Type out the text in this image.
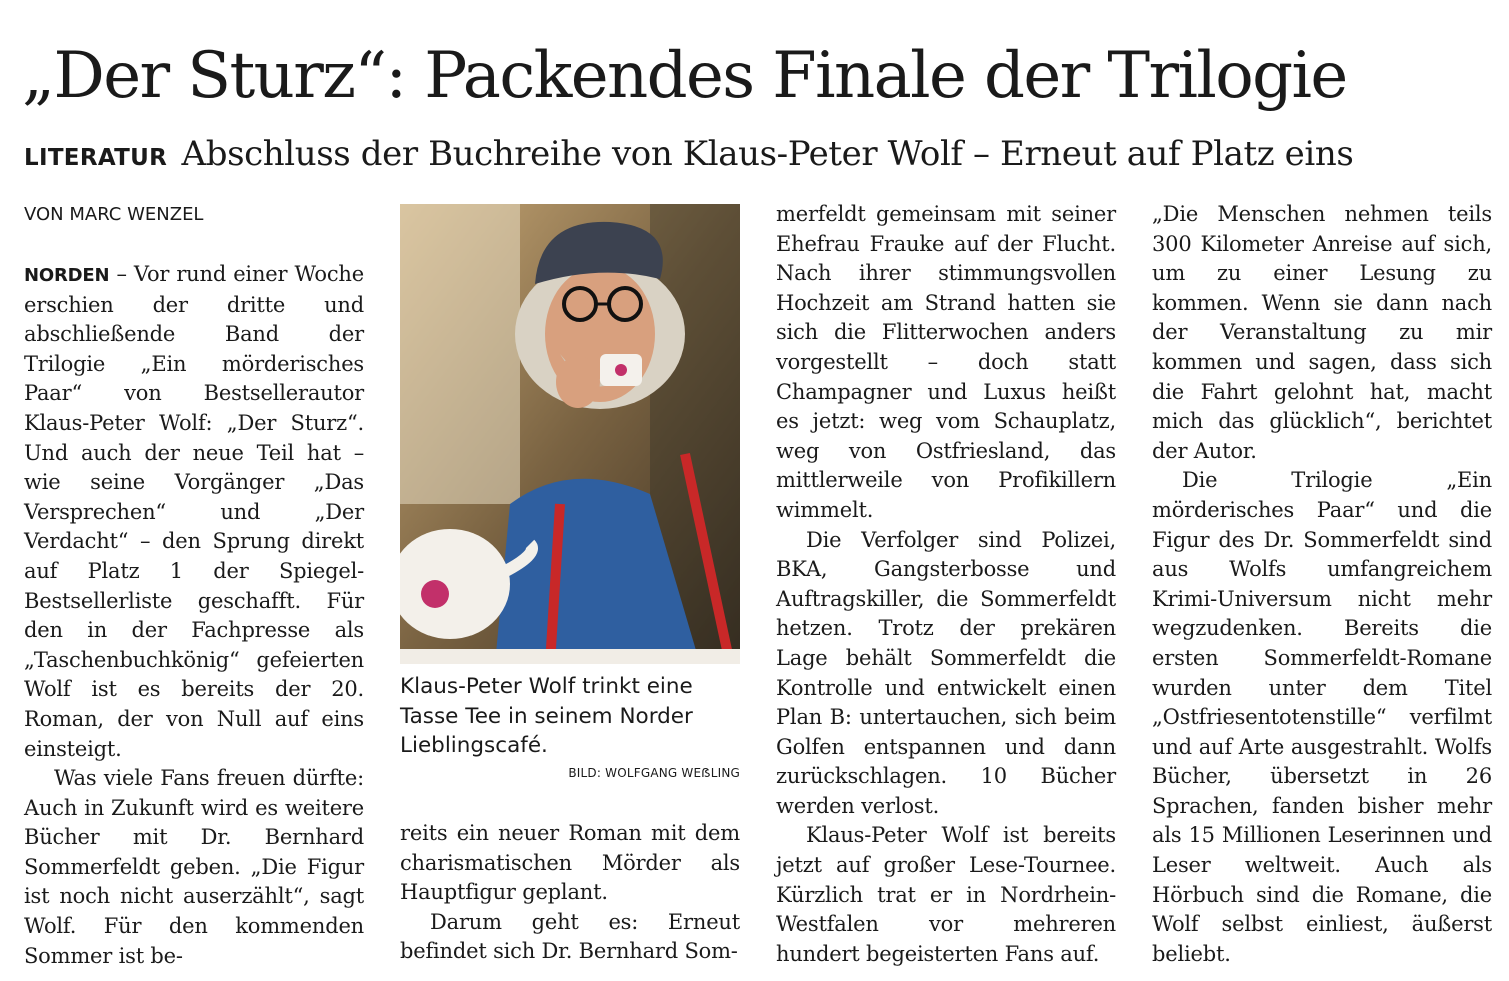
„Der Sturz“: Packendes Finale der Trilogie
LITERATUR Abschluss der Buchreihe von Klaus-Peter Wolf – Erneut auf Platz eins
VON MARC WENZEL

NORDEN – Vor rund einer Woche erschien der dritte und abschließende Band der Trilogie „Ein mörderisches Paar“ von Bestsellerautor Klaus-Peter Wolf: „Der Sturz“. Und auch der neue Teil hat – wie seine Vorgänger „Das Versprechen“ und „Der Verdacht“ – den Sprung direkt auf Platz 1 der Spiegel-Bestsellerliste geschafft. Für den in der Fachpresse als „Taschenbuchkönig“ gefeierten Wolf ist es bereits der 20. Roman, der von Null auf eins einsteigt.

Was viele Fans freuen dürfte: Auch in Zukunft wird es weitere Bücher mit Dr. Bernhard Sommerfeldt geben. „Die Figur ist noch nicht auserzählt“, sagt Wolf. Für den kommenden Sommer ist be-

Klaus-Peter Wolf trinkt eine Tasse Tee in seinem Norder Lieblingscafé.
BILD: WOLFGANG WEẞLING

reits ein neuer Roman mit dem charismatischen Mörder als Hauptfigur geplant.

Darum geht es: Erneut befindet sich Dr. Bernhard Som-

merfeldt gemeinsam mit seiner Ehefrau Frauke auf der Flucht. Nach ihrer stimmungsvollen Hochzeit am Strand hatten sie sich die Flitterwochen anders vorgestellt – doch statt Champagner und Luxus heißt es jetzt: weg vom Schauplatz, weg von Ostfriesland, das mittlerweile von Profikillern wimmelt.

Die Verfolger sind Polizei, BKA, Gangsterbosse und Auftragskiller, die Sommerfeldt hetzen. Trotz der prekären Lage behält Sommerfeldt die Kontrolle und entwickelt einen Plan B: untertauchen, sich beim Golfen entspannen und dann zurückschlagen. 10 Bücher werden verlost.

Klaus-Peter Wolf ist bereits jetzt auf großer Lese-Tournee. Kürzlich trat er in Nordrhein-Westfalen vor mehreren hundert begeisterten Fans auf.

„Die Menschen nehmen teils 300 Kilometer Anreise auf sich, um zu einer Lesung zu kommen. Wenn sie dann nach der Veranstaltung zu mir kommen und sagen, dass sich die Fahrt gelohnt hat, macht mich das glücklich“, berichtet der Autor.

Die Trilogie „Ein mörderisches Paar“ und die Figur des Dr. Sommerfeldt sind aus Wolfs umfangreichem Krimi-Universum nicht mehr wegzudenken. Bereits die ersten Sommerfeldt-Romane wurden unter dem Titel „Ostfriesentotenstille“ verfilmt und auf Arte ausgestrahlt. Wolfs Bücher, übersetzt in 26 Sprachen, fanden bisher mehr als 15 Millionen Leserinnen und Leser weltweit. Auch als Hörbuch sind die Romane, die Wolf selbst einliest, äußerst beliebt.
